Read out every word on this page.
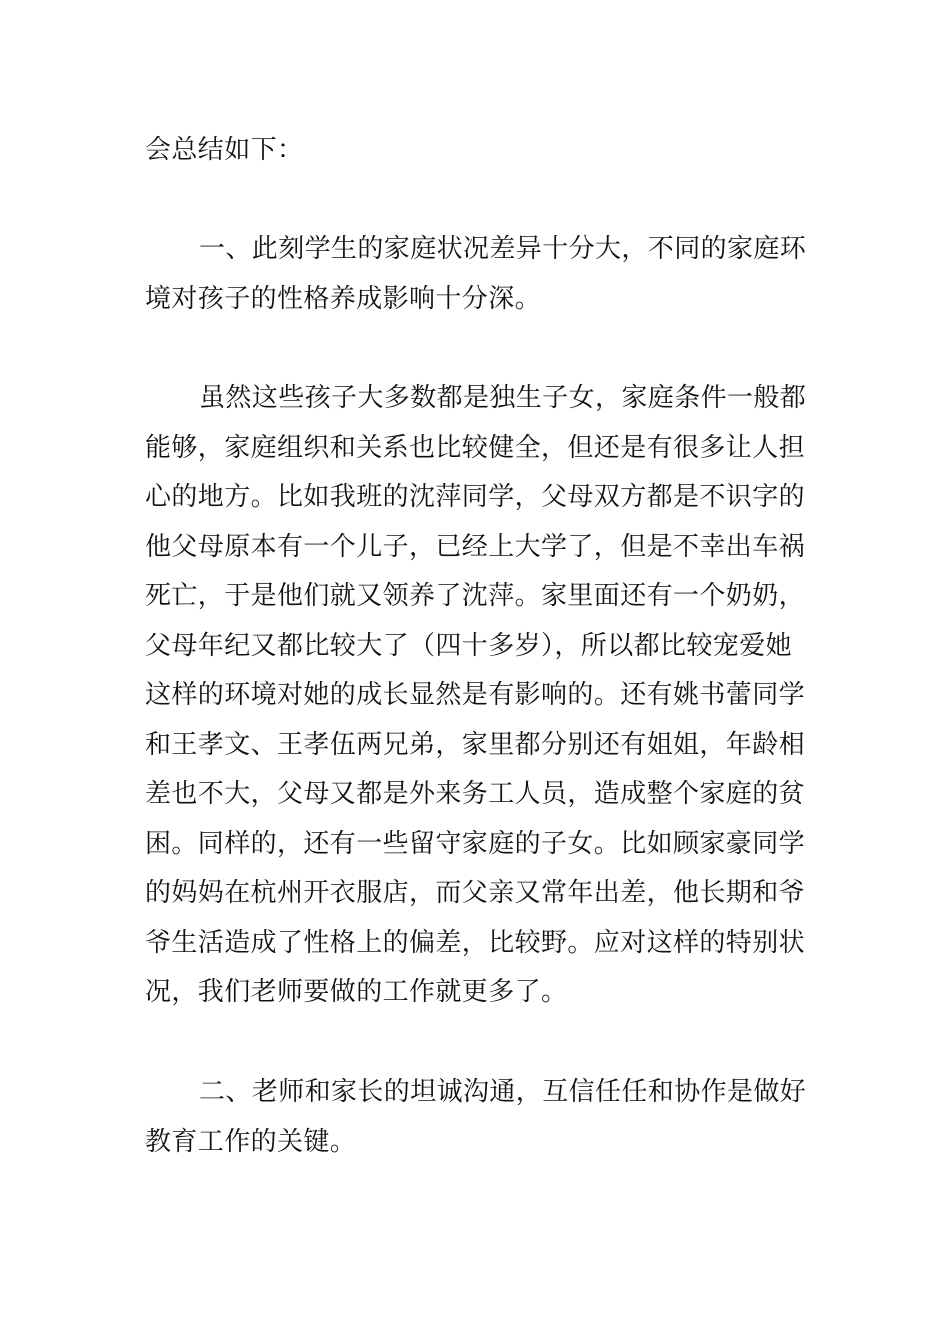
会总结如下：
一、此刻学生的家庭状况差异十分大，不同的家庭环
境对孩子的性格养成影响十分深。
虽然这些孩子大多数都是独生子女，家庭条件一般都
能够，家庭组织和关系也比较健全，但还是有很多让人担
心的地方。比如我班的沈萍同学，父母双方都是不识字的
他父母原本有一个儿子，已经上大学了，但是不幸出车祸
死亡，于是他们就又领养了沈萍。家里面还有一个奶奶，
父母年纪又都比较大了（四十多岁），所以都比较宠爱她
这样的环境对她的成长显然是有影响的。还有姚书蕾同学
和王孝文、王孝伍两兄弟，家里都分别还有姐姐，年龄相
差也不大，父母又都是外来务工人员，造成整个家庭的贫
困。同样的，还有一些留守家庭的子女。比如顾家豪同学
的妈妈在杭州开衣服店，而父亲又常年出差，他长期和爷
爷生活造成了性格上的偏差，比较野。应对这样的特别状
况，我们老师要做的工作就更多了。
二、老师和家长的坦诚沟通，互信任任和协作是做好
教育工作的关键。
